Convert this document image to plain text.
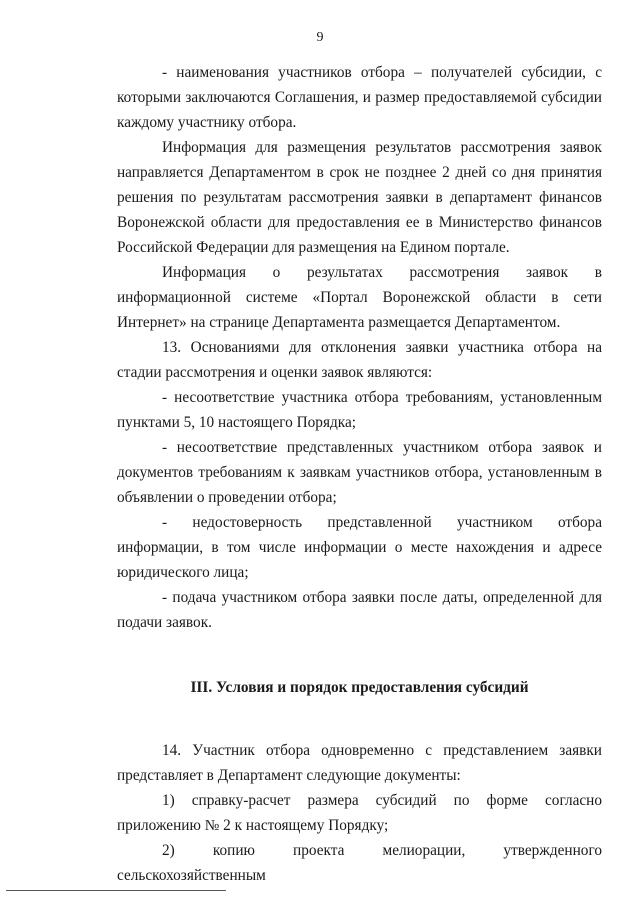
9

- наименования участников отбора – получателей субсидии, с которыми заключаются Соглашения, и размер предоставляемой субсидии каждому участнику отбора.

Информация для размещения результатов рассмотрения заявок направляется Департаментом в срок не позднее 2 дней со дня принятия решения по результатам рассмотрения заявки в департамент финансов Воронежской области для предоставления ее в Министерство финансов Российской Федерации для размещения на Едином портале.

Информация о результатах рассмотрения заявок в информационной системе «Портал Воронежской области в сети Интернет» на странице Департамента размещается Департаментом.

13. Основаниями для отклонения заявки участника отбора на стадии рассмотрения и оценки заявок являются:

- несоответствие участника отбора требованиям, установленным пунктами 5, 10 настоящего Порядка;

- несоответствие представленных участником отбора заявок и документов требованиям к заявкам участников отбора, установленным в объявлении о проведении отбора;

- недостоверность представленной участником отбора информации, в том числе информации о месте нахождения и адресе юридического лица;

- подача участником отбора заявки после даты, определенной для подачи заявок.

III. Условия и порядок предоставления субсидий

14. Участник отбора одновременно с представлением заявки представляет в Департамент следующие документы:

1) справку-расчет размера субсидий по форме согласно приложению № 2 к настоящему Порядку;

2) копию проекта мелиорации, утвержденного сельскохозяйственным
